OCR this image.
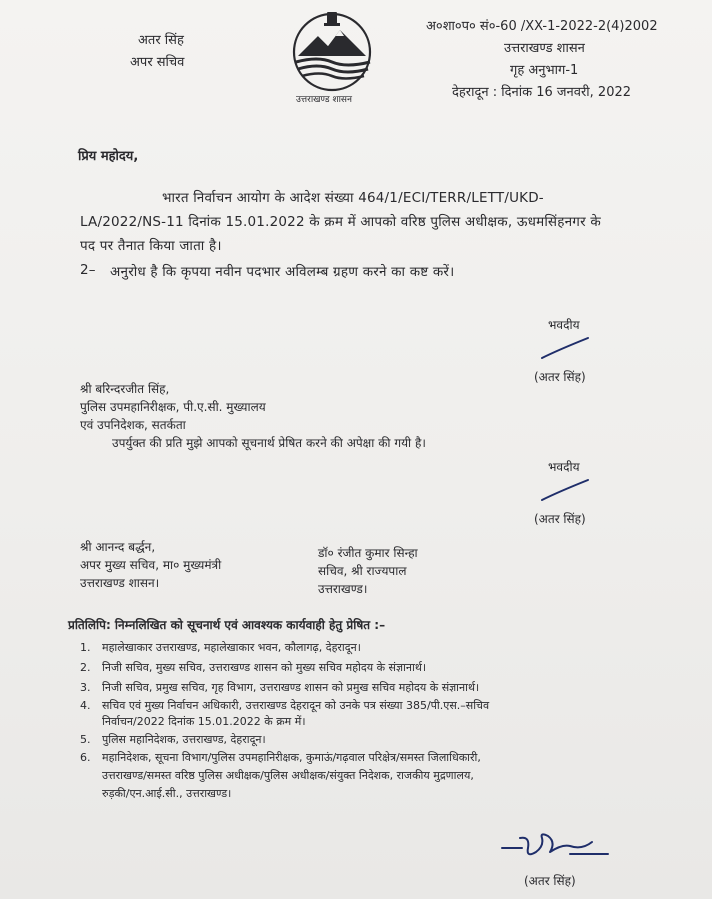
अतर सिंह
अपर सचिव
उत्तराखण्ड शासन
अ०शा०प० सं०-60 /XX-1-2022-2(4)2002
उत्तराखण्ड शासन
गृह अनुभाग-1
देहरादून : दिनांक 16 जनवरी, 2022
प्रिय महोदय,
भारत निर्वाचन आयोग के आदेश संख्या 464/1/ECI/TERR/LETT/UKD-
LA/2022/NS-11 दिनांक 15.01.2022 के क्रम में आपको वरिष्ठ पुलिस अधीक्षक, ऊधमसिंहनगर के
पद पर तैनात किया जाता है।
2– अनुरोध है कि कृपया नवीन पदभार अविलम्ब ग्रहण करने का कष्ट करें।
भवदीय
(अतर सिंह)
श्री बरिन्दरजीत सिंह,
पुलिस उपमहानिरीक्षक, पी.ए.सी. मुख्यालय
एवं उपनिदेशक, सतर्कता
उपर्युक्त की प्रति मुझे आपको सूचनार्थ प्रेषित करने की अपेक्षा की गयी है।
भवदीय
(अतर सिंह)
श्री आनन्द बर्द्धन,
अपर मुख्य सचिव, मा० मुख्यमंत्री
उत्तराखण्ड शासन।
डॉ० रंजीत कुमार सिन्हा
सचिव, श्री राज्यपाल
उत्तराखण्ड।
प्रतिलिपि: निम्नलिखित को सूचनार्थ एवं आवश्यक कार्यवाही हेतु प्रेषित :–
1. महालेखाकार उत्तराखण्ड, महालेखाकार भवन, कौलागढ़, देहरादून।
2. निजी सचिव, मुख्य सचिव, उत्तराखण्ड शासन को मुख्य सचिव महोदय के संज्ञानार्थ।
3. निजी सचिव, प्रमुख सचिव, गृह विभाग, उत्तराखण्ड शासन को प्रमुख सचिव महोदय के संज्ञानार्थ।
4. सचिव एवं मुख्य निर्वाचन अधिकारी, उत्तराखण्ड देहरादून को उनके पत्र संख्या 385/पी.एस.–सचिव
निर्वाचन/2022 दिनांक 15.01.2022 के क्रम में।
5. पुलिस महानिदेशक, उत्तराखण्ड, देहरादून।
6. महानिदेशक, सूचना विभाग/पुलिस उपमहानिरीक्षक, कुमाऊं/गढ़वाल परिक्षेत्र/समस्त जिलाधिकारी,
उत्तराखण्ड/समस्त वरिष्ठ पुलिस अधीक्षक/पुलिस अधीक्षक/संयुक्त निदेशक, राजकीय मुद्रणालय,
रुड़की/एन.आई.सी., उत्तराखण्ड।
(अतर सिंह)
